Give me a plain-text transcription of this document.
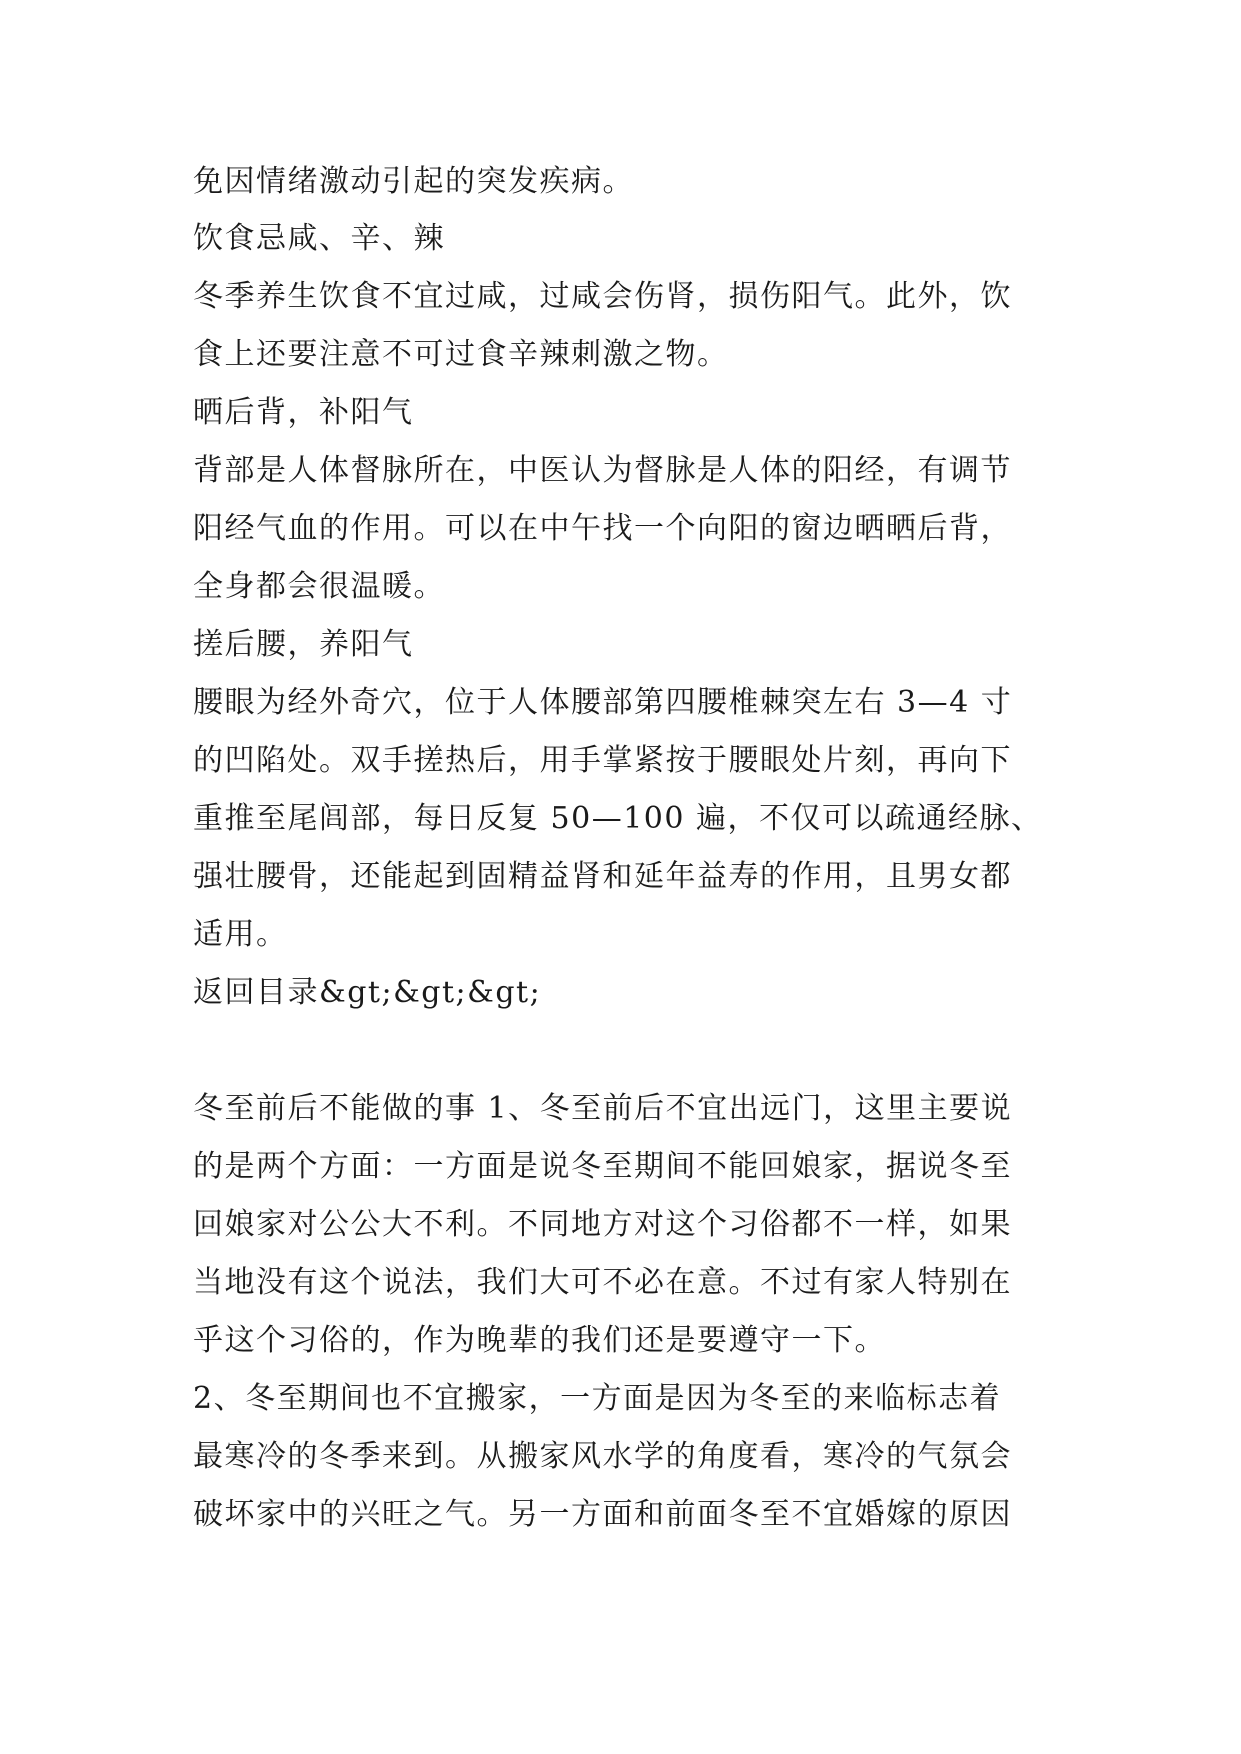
免因情绪激动引起的突发疾病。

饮食忌咸、辛、辣

冬季养生饮食不宜过咸，过咸会伤肾，损伤阳气。此外，饮

食上还要注意不可过食辛辣刺激之物。

晒后背，补阳气

背部是人体督脉所在，中医认为督脉是人体的阳经，有调节

阳经气血的作用。可以在中午找一个向阳的窗边晒晒后背，

全身都会很温暖。

搓后腰，养阳气

腰眼为经外奇穴，位于人体腰部第四腰椎棘突左右 3—4 寸

的凹陷处。双手搓热后，用手掌紧按于腰眼处片刻，再向下

重推至尾闾部，每日反复 50—100 遍，不仅可以疏通经脉、

强壮腰骨，还能起到固精益肾和延年益寿的作用，且男女都

适用。

返回目录&gt;&gt;&gt;

冬至前后不能做的事 1、冬至前后不宜出远门，这里主要说

的是两个方面：一方面是说冬至期间不能回娘家，据说冬至

回娘家对公公大不利。不同地方对这个习俗都不一样，如果

当地没有这个说法，我们大可不必在意。不过有家人特别在

乎这个习俗的，作为晚辈的我们还是要遵守一下。

2、冬至期间也不宜搬家，一方面是因为冬至的来临标志着

最寒冷的冬季来到。从搬家风水学的角度看，寒冷的气氛会

破坏家中的兴旺之气。另一方面和前面冬至不宜婚嫁的原因
